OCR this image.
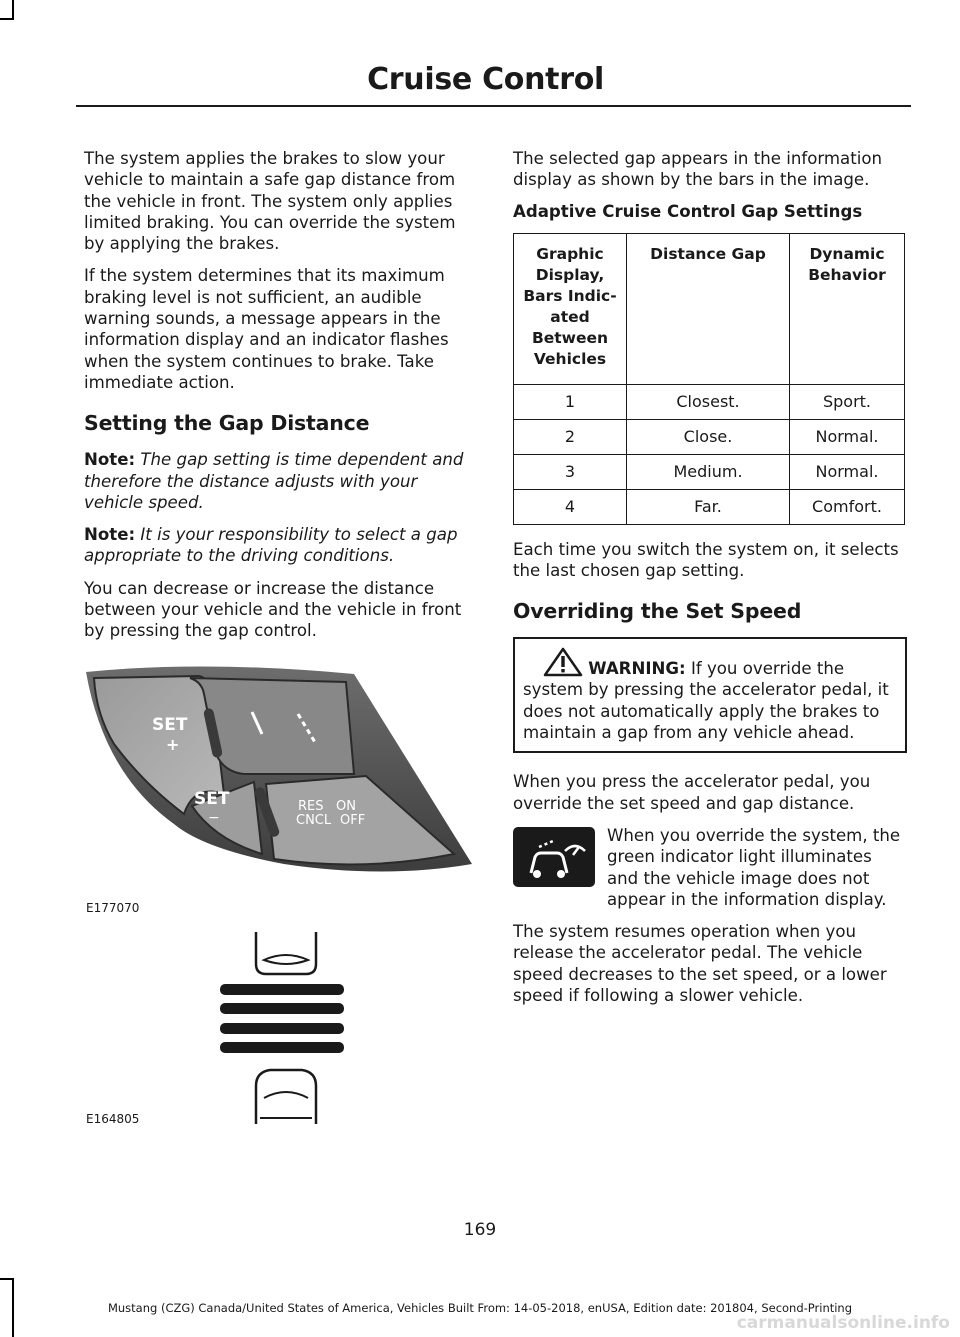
Cruise Control

The system applies the brakes to slow your vehicle to maintain a safe gap distance from the vehicle in front. The system only applies limited braking. You can override the system by applying the brakes.

If the system determines that its maximum braking level is not sufficient, an audible warning sounds, a message appears in the information display and an indicator flashes when the system continues to brake. Take immediate action.

Setting the Gap Distance

Note: The gap setting is time dependent and therefore the distance adjusts with your vehicle speed.

Note: It is your responsibility to select a gap appropriate to the driving conditions.

You can decrease or increase the distance between your vehicle and the vehicle in front by pressing the gap control.

SET
+
SET
−
RES ON
CNCL OFF
E177070
E164805

The selected gap appears in the information display as shown by the bars in the image.

Adaptive Cruise Control Gap Settings
Graphic Display, Bars Indic-ated Between Vehicles	Distance Gap	Dynamic Behavior
1	Closest.	Sport.
2	Close.	Normal.
3	Medium.	Normal.
4	Far.	Comfort.

Each time you switch the system on, it selects the last chosen gap setting.

Overriding the Set Speed

WARNING: If you override the system by pressing the accelerator pedal, it does not automatically apply the brakes to maintain a gap from any vehicle ahead.

When you press the accelerator pedal, you override the set speed and gap distance.

When you override the system, the green indicator light illuminates and the vehicle image does not appear in the information display.

The system resumes operation when you release the accelerator pedal. The vehicle speed decreases to the set speed, or a lower speed if following a slower vehicle.

169
Mustang (CZG) Canada/United States of America, Vehicles Built From: 14-05-2018, enUSA, Edition date: 201804, Second-Printing
carmanualsonline.info
